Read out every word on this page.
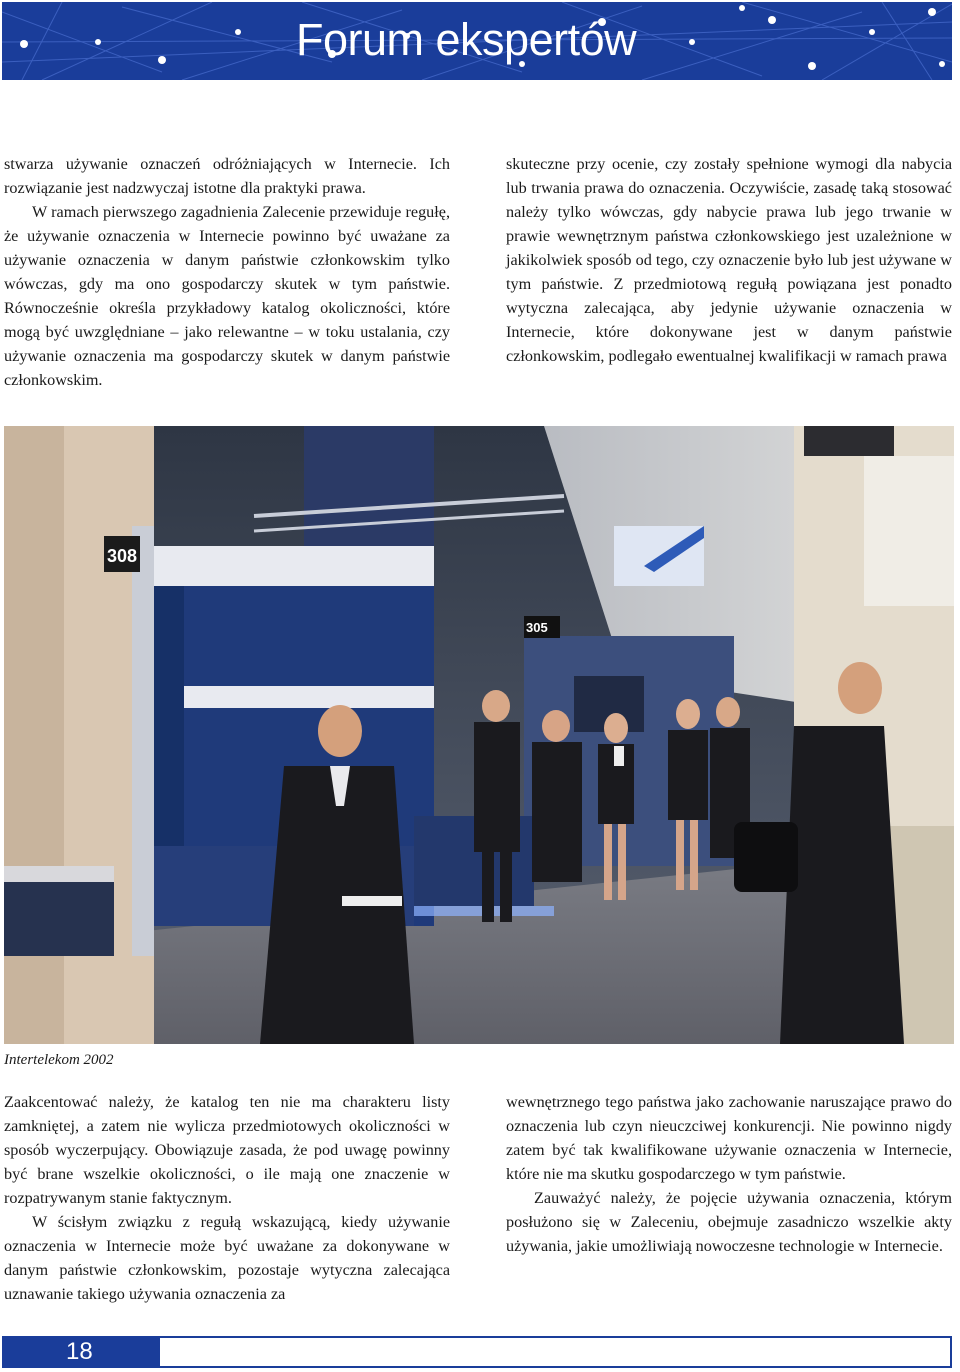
Forum ekspertów

stwarza używanie oznaczeń odróżniających w Internecie. Ich rozwiązanie jest nadzwyczaj istotne dla praktyki prawa.

W ramach pierwszego zagadnienia Zalecenie przewiduje regułę, że używanie oznaczenia w Internecie powinno być uważane za używanie oznaczenia w danym państwie członkowskim tylko wówczas, gdy ma ono gospodarczy skutek w tym państwie. Równocześnie określa przykładowy katalog okoliczności, które mogą być uwzględniane – jako relewantne – w toku ustalania, czy używanie oznaczenia ma gospodarczy skutek w danym państwie członkowskim.

skuteczne przy ocenie, czy zostały spełnione wymogi dla nabycia lub trwania prawa do oznaczenia. Oczywiście, zasadę taką stosować należy tylko wówczas, gdy nabycie prawa lub jego trwanie w prawie wewnętrznym państwa członkowskiego jest uzależnione w jakikolwiek sposób od tego, czy oznaczenie było lub jest używane w tym państwie. Z przedmiotową regułą powiązana jest ponadto wytyczna zalecająca, aby jedynie używanie oznaczenia w Internecie, które dokonywane jest w danym państwie członkowskim, podlegało ewentualnej kwalifikacji w ramach prawa

308
305
Intertelekom 2002

Zaakcentować należy, że katalog ten nie ma charakteru listy zamkniętej, a zatem nie wylicza przedmiotowych okoliczności w sposób wyczerpujący. Obowiązuje zasada, że pod uwagę powinny być brane wszelkie okoliczności, o ile mają one znaczenie w rozpatrywanym stanie faktycznym.

W ścisłym związku z regułą wskazującą, kiedy używanie oznaczenia w Internecie może być uważane za dokonywane w danym państwie członkowskim, pozostaje wytyczna zalecająca uznawanie takiego używania oznaczenia za

wewnętrznego tego państwa jako zachowanie naruszające prawo do oznaczenia lub czyn nieuczciwej konkurencji. Nie powinno nigdy zatem być tak kwalifikowane używanie oznaczenia w Internecie, które nie ma skutku gospodarczego w tym państwie.

Zauważyć należy, że pojęcie używania oznaczenia, którym posłużono się w Zaleceniu, obejmuje zasadniczo wszelkie akty używania, jakie umożliwiają nowoczesne technologie w Internecie.

18
